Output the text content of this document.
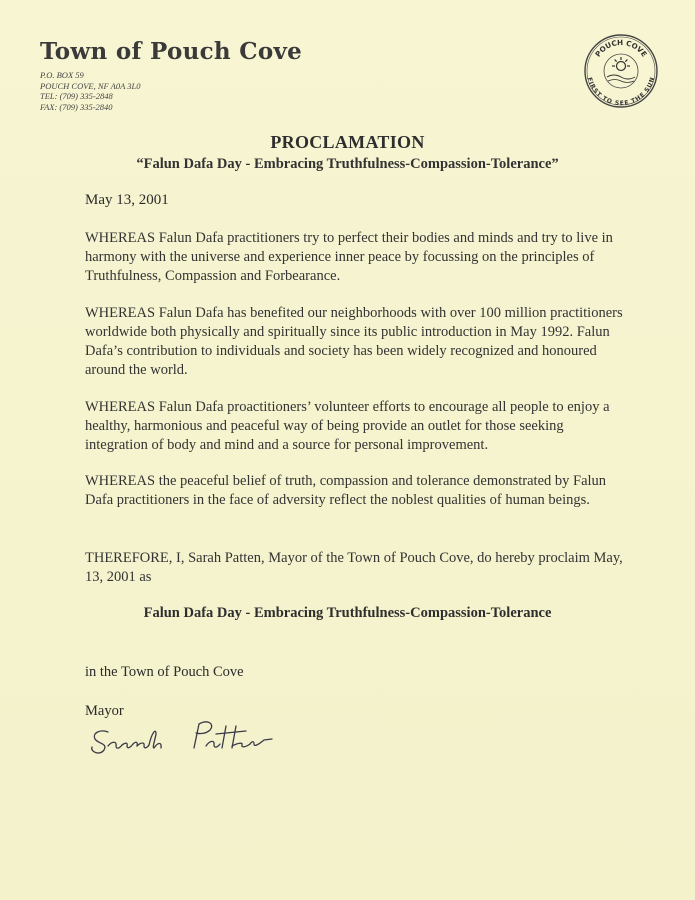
Town of Pouch Cove
P.O. BOX 59
POUCH COVE, NF A0A 3L0
TEL: (709) 335-2848
FAX: (709) 335-2840
POUCH COVE
FIRST TO SEE THE SUN
PROCLAMATION
“Falun Dafa Day - Embracing Truthfulness-Compassion-Tolerance”
May 13, 2001
WHEREAS Falun Dafa practitioners try to perfect their bodies and minds and try to live in harmony with the universe and experience inner peace by focussing on the principles of Truthfulness, Compassion and Forbearance.
WHEREAS Falun Dafa has benefited our neighborhoods with over 100 million practitioners worldwide both physically and spiritually since its public introduction in May 1992. Falun Dafa’s contribution to individuals and society has been widely recognized and honoured around the world.
WHEREAS Falun Dafa proactitioners’ volunteer efforts to encourage all people to enjoy a healthy, harmonious and peaceful way of being provide an outlet for those seeking integration of body and mind and a source for personal improvement.
WHEREAS the peaceful belief of truth, compassion and tolerance demonstrated by Falun Dafa practitioners in the face of adversity reflect the noblest qualities of human beings.
THEREFORE, I, Sarah Patten, Mayor of the Town of Pouch Cove, do hereby proclaim May, 13, 2001 as
Falun Dafa Day - Embracing Truthfulness-Compassion-Tolerance
in the Town of Pouch Cove
Mayor
